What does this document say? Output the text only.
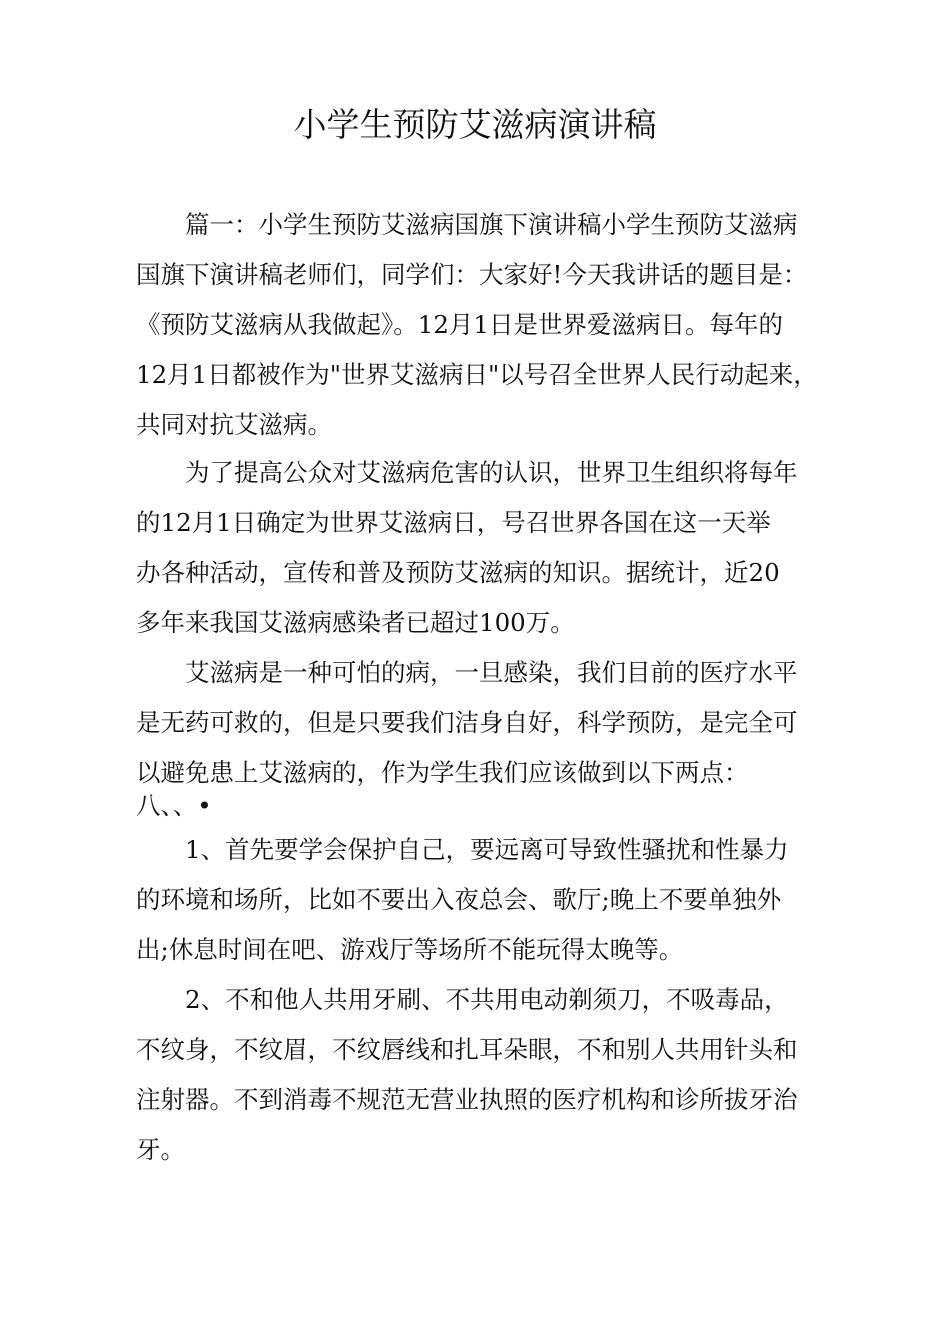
小学生预防艾滋病演讲稿
篇一：小学生预防艾滋病国旗下演讲稿小学生预防艾滋病
国旗下演讲稿老师们，同学们：大家好!今天我讲话的题目是：
《预防艾滋病从我做起》。12月1日是世界爱滋病日。每年的
12月1日都被作为"世界艾滋病日"以号召全世界人民行动起来，
共同对抗艾滋病。
为了提高公众对艾滋病危害的认识，世界卫生组织将每年
的12月1日确定为世界艾滋病日，号召世界各国在这一天举
办各种活动，宣传和普及预防艾滋病的知识。据统计，近20
多年来我国艾滋病感染者已超过100万。
艾滋病是一种可怕的病，一旦感染，我们目前的医疗水平
是无药可救的，但是只要我们洁身自好，科学预防，是完全可
以避免患上艾滋病的，作为学生我们应该做到以下两点：
八、、•
1、首先要学会保护自己，要远离可导致性骚扰和性暴力
的环境和场所，比如不要出入夜总会、歌厅;晚上不要单独外
出;休息时间在吧、游戏厅等场所不能玩得太晚等。
2、不和他人共用牙刷、不共用电动剃须刀，不吸毒品，
不纹身，不纹眉，不纹唇线和扎耳朵眼，不和别人共用针头和
注射器。不到消毒不规范无营业执照的医疗机构和诊所拔牙治
牙。
